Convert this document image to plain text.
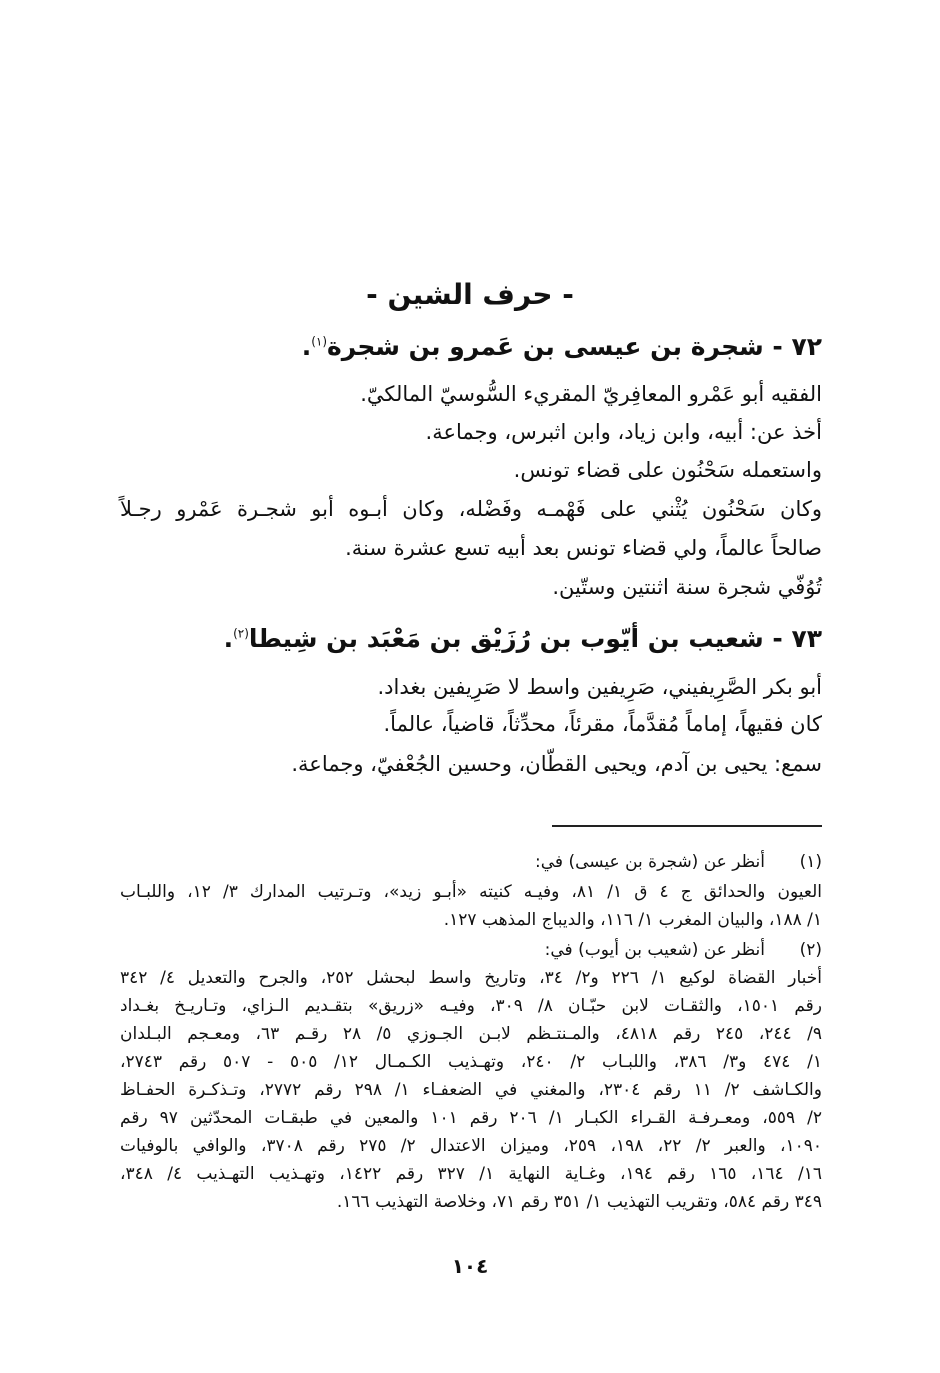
- حرف الشين -
٧٢ - شجرة بن عيسى بن عَمرو بن شجرة$^{(١)}$.
الفقيه أبو عَمْرو المعافِريّ المقريء السُّوسيّ المالكيّ.
أخذ عن: أبيه، وابن زياد، وابن اثبرس، وجماعة.
واستعمله سَحْنُون على قضاء تونس.
وكان سَحْنُون يُثْني على فَهْمـه وفَضْله، وكان أبـوه أبو شجـرة عَمْرو رجـلاً
صالحاً عالماً، ولي قضاء تونس بعد أبيه تسع عشرة سنة.
تُوُفّي شجرة سنة اثنتين وستّين.
٧٣ - شعيب بن أيّوب بن رُزَيْق بن مَعْبَد بن شِيطا$^{(٢)}$.
أبو بكر الصَّرِيفيني، صَرِيفين واسط لا صَرِيفين بغداد.
كان فقيهاً، إماماً مُقدَّماً، مقرئاً، محدِّثاً، قاضياً، عالماً.
سمع: يحيى بن آدم، ويحيى القطّان، وحسين الجُعْفيّ، وجماعة.
(١)
أنظر عن (شجرة بن عيسى) في:
العيون والحدائق ج ٤ ق ١/ ٨١، وفيـه كنيته «أبـو زيد»، وتـرتيب المدارك ٣/ ١٢، واللبـاب
١/ ١٨٨، والبيان المغرب ١/ ١١٦، والديباج المذهب ١٢٧.
(٢)
أنظر عن (شعيب بن أيوب) في:
أخبار القضاة لوكيع ١/ ٢٢٦ و٢/ ٣٤، وتاريخ واسط لبحشل ٢٥٢، والجرح والتعديل ٤/ ٣٤٢
رقم ١٥٠١، والثقـات لابن حبّـان ٨/ ٣٠٩، وفيـه «زريق» بتقـديم الـزاي، وتـاريـخ بغـداد
٩/ ٢٤٤، ٢٤٥ رقم ٤٨١٨، والمـنتـظم لابـن الجـوزي ٥/ ٢٨ رقـم ٦٣، ومعـجم البـلدان
١/ ٤٧٤ و٣/ ٣٨٦، واللبـاب ٢/ ٢٤٠، وتهـذيب الكـمـال ١٢/ ٥٠٥ - ٥٠٧ رقم ٢٧٤٣،
والكـاشف ٢/ ١١ رقم ٢٣٠٤، والمغني في الضعفـاء ١/ ٢٩٨ رقم ٢٧٧٢، وتـذكـرة الحفـاظ
٢/ ٥٥٩، ومعـرفـة القـراء الكبـار ١/ ٢٠٦ رقم ١٠١ والمعين في طبقـات المحدّثين ٩٧ رقم
١٠٩٠، والعبر ٢/ ٢٢، ١٩٨، ٢٥٩، وميزان الاعتدال ٢/ ٢٧٥ رقم ٣٧٠٨، والوافي بالوفيات
١٦/ ١٦٤، ١٦٥ رقم ١٩٤، وغـاية النهاية ١/ ٣٢٧ رقم ١٤٢٢، وتهـذيب التهـذيب ٤/ ٣٤٨،
٣٤٩ رقم ٥٨٤، وتقريب التهذيب ١/ ٣٥١ رقم ٧١، وخلاصة التهذيب ١٦٦.
١٠٤
